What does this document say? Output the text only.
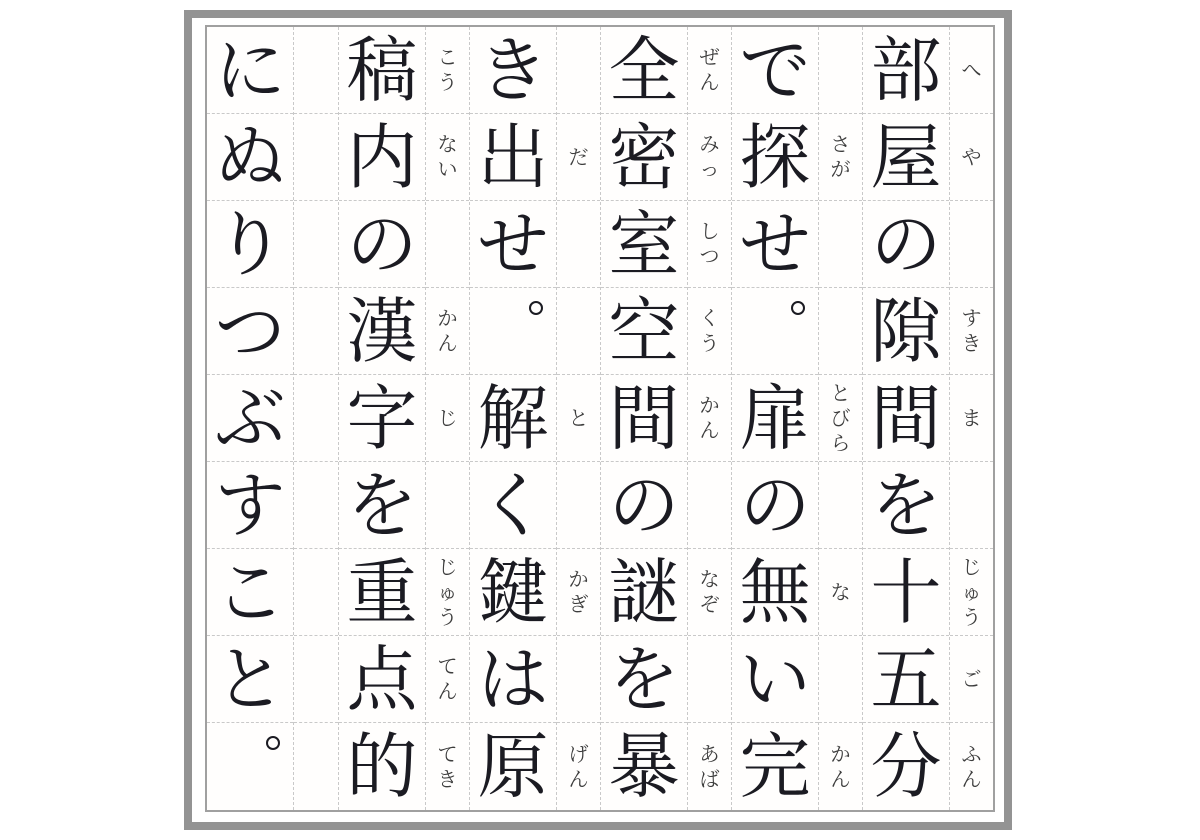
部
屋
の
隙
間
を
十
五
分
へ
や
す
き
ま
じ
ゅ
う
ご
ふ
ん
で
探
せ
扉
の
無
い
完
さ
が
と
び
ら
な
か
ん
全
密
室
空
間
の
謎
を
暴
ぜ
ん
み
っ
し
つ
く
う
か
ん
な
ぞ
あ
ば
き
出
せ
解
く
鍵
は
原
だ
と
か
ぎ
げ
ん
稿
内
の
漢
字
を
重
点
的
こ
う
な
い
か
ん
じ
じ
ゅ
う
て
ん
て
き
に
ぬ
り
つ
ぶ
す
こ
と
